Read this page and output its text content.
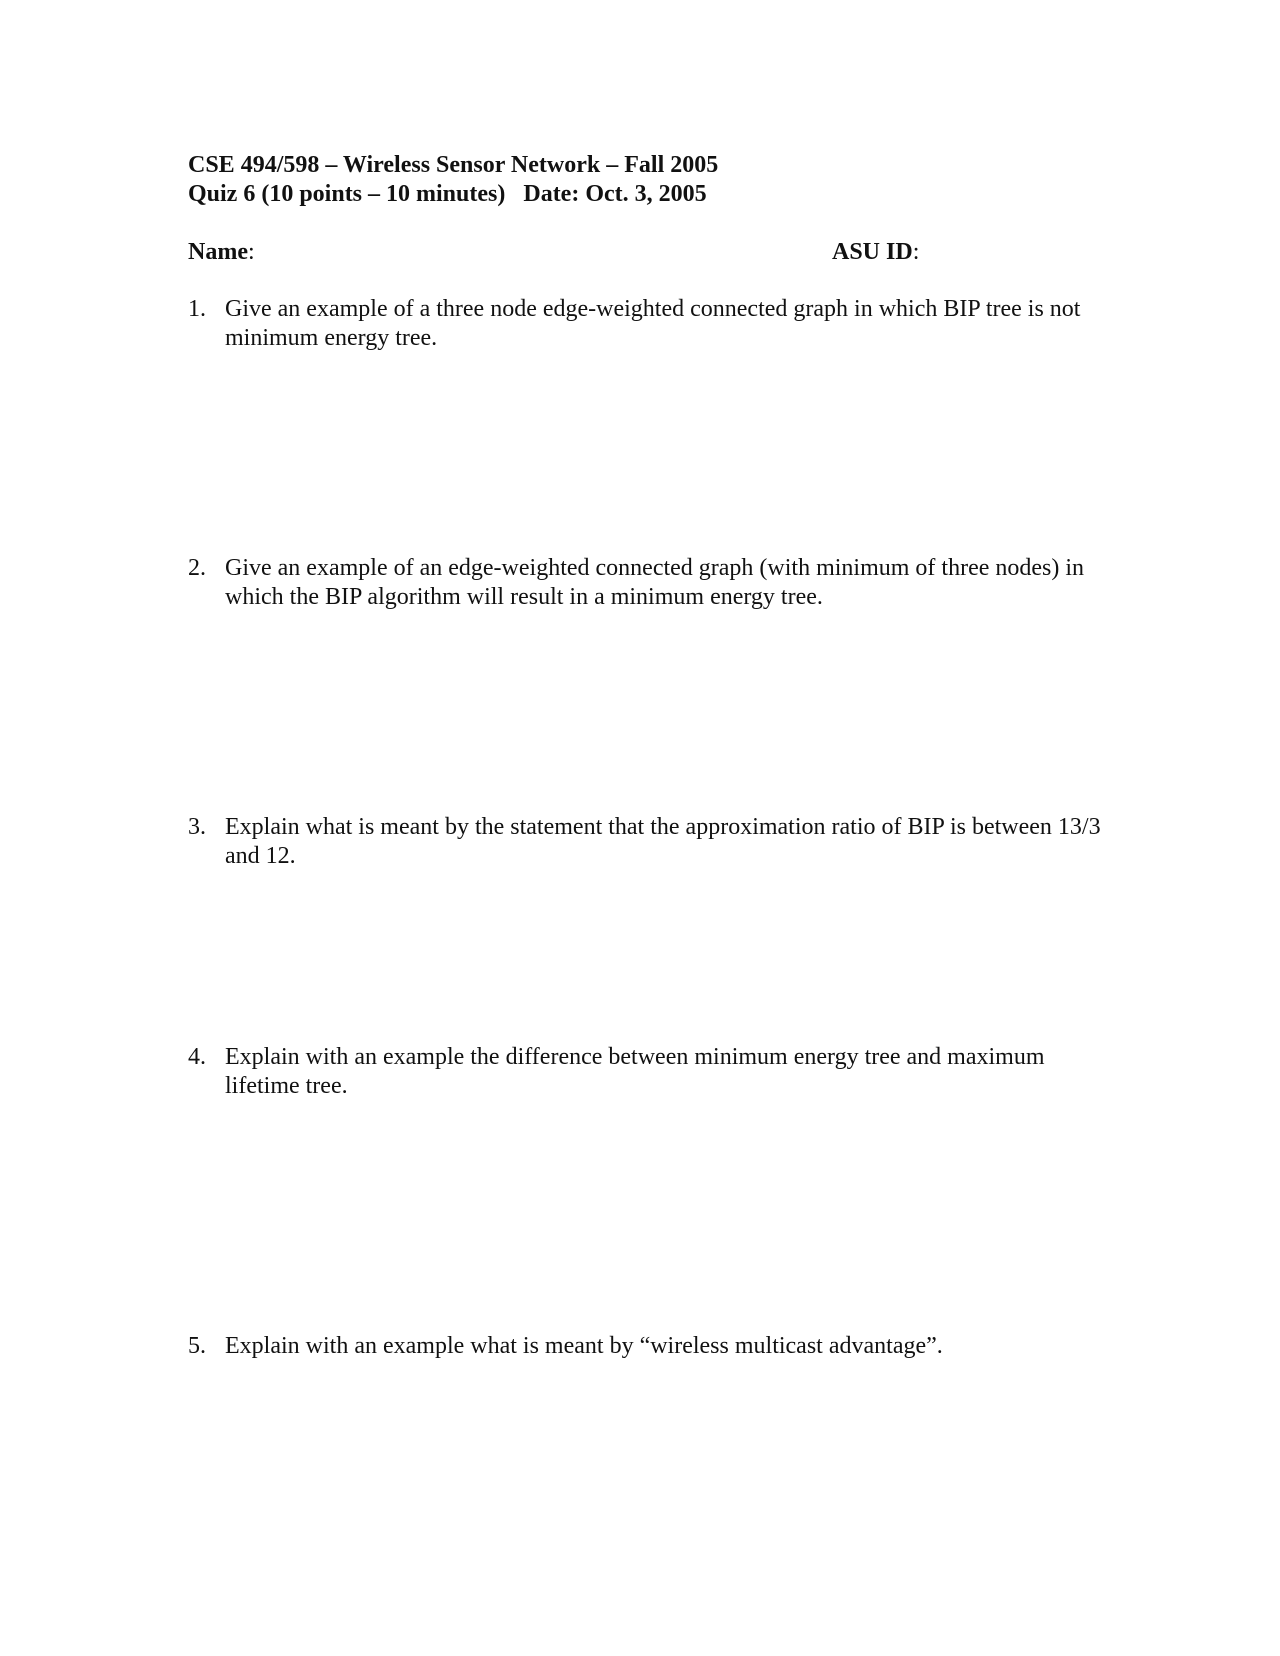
CSE 494/598 – Wireless Sensor Network – Fall 2005
Quiz 6 (10 points – 10 minutes)   Date: Oct. 3, 2005
Name:	ASU ID:
1. Give an example of a three node edge-weighted connected graph in which BIP tree is not minimum energy tree.
2. Give an example of an edge-weighted connected graph (with minimum of three nodes) in which the BIP algorithm will result in a minimum energy tree.
3. Explain what is meant by the statement that the approximation ratio of BIP is between 13/3 and 12.
4. Explain with an example the difference between minimum energy tree and maximum lifetime tree.
5. Explain with an example what is meant by “wireless multicast advantage”.
